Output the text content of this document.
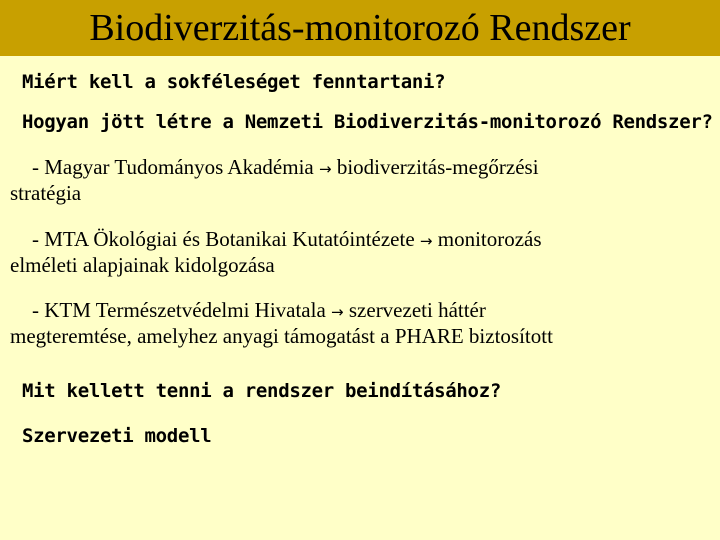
Biodiverzitás-monitorozó Rendszer
Miért kell a sokféleséget fenntartani?
Hogyan jött létre a Nemzeti Biodiverzitás-monitorozó Rendszer?
- Magyar Tudományos Akadémia → biodiverzitás-megőrzési
stratégia
- MTA Ökológiai és Botanikai Kutatóintézete → monitorozás
elméleti alapjainak kidolgozása
- KTM Természetvédelmi Hivatala → szervezeti háttér
megteremtése, amelyhez anyagi támogatást a PHARE biztosított
Mit kellett tenni a rendszer beindításához?
Szervezeti modell
